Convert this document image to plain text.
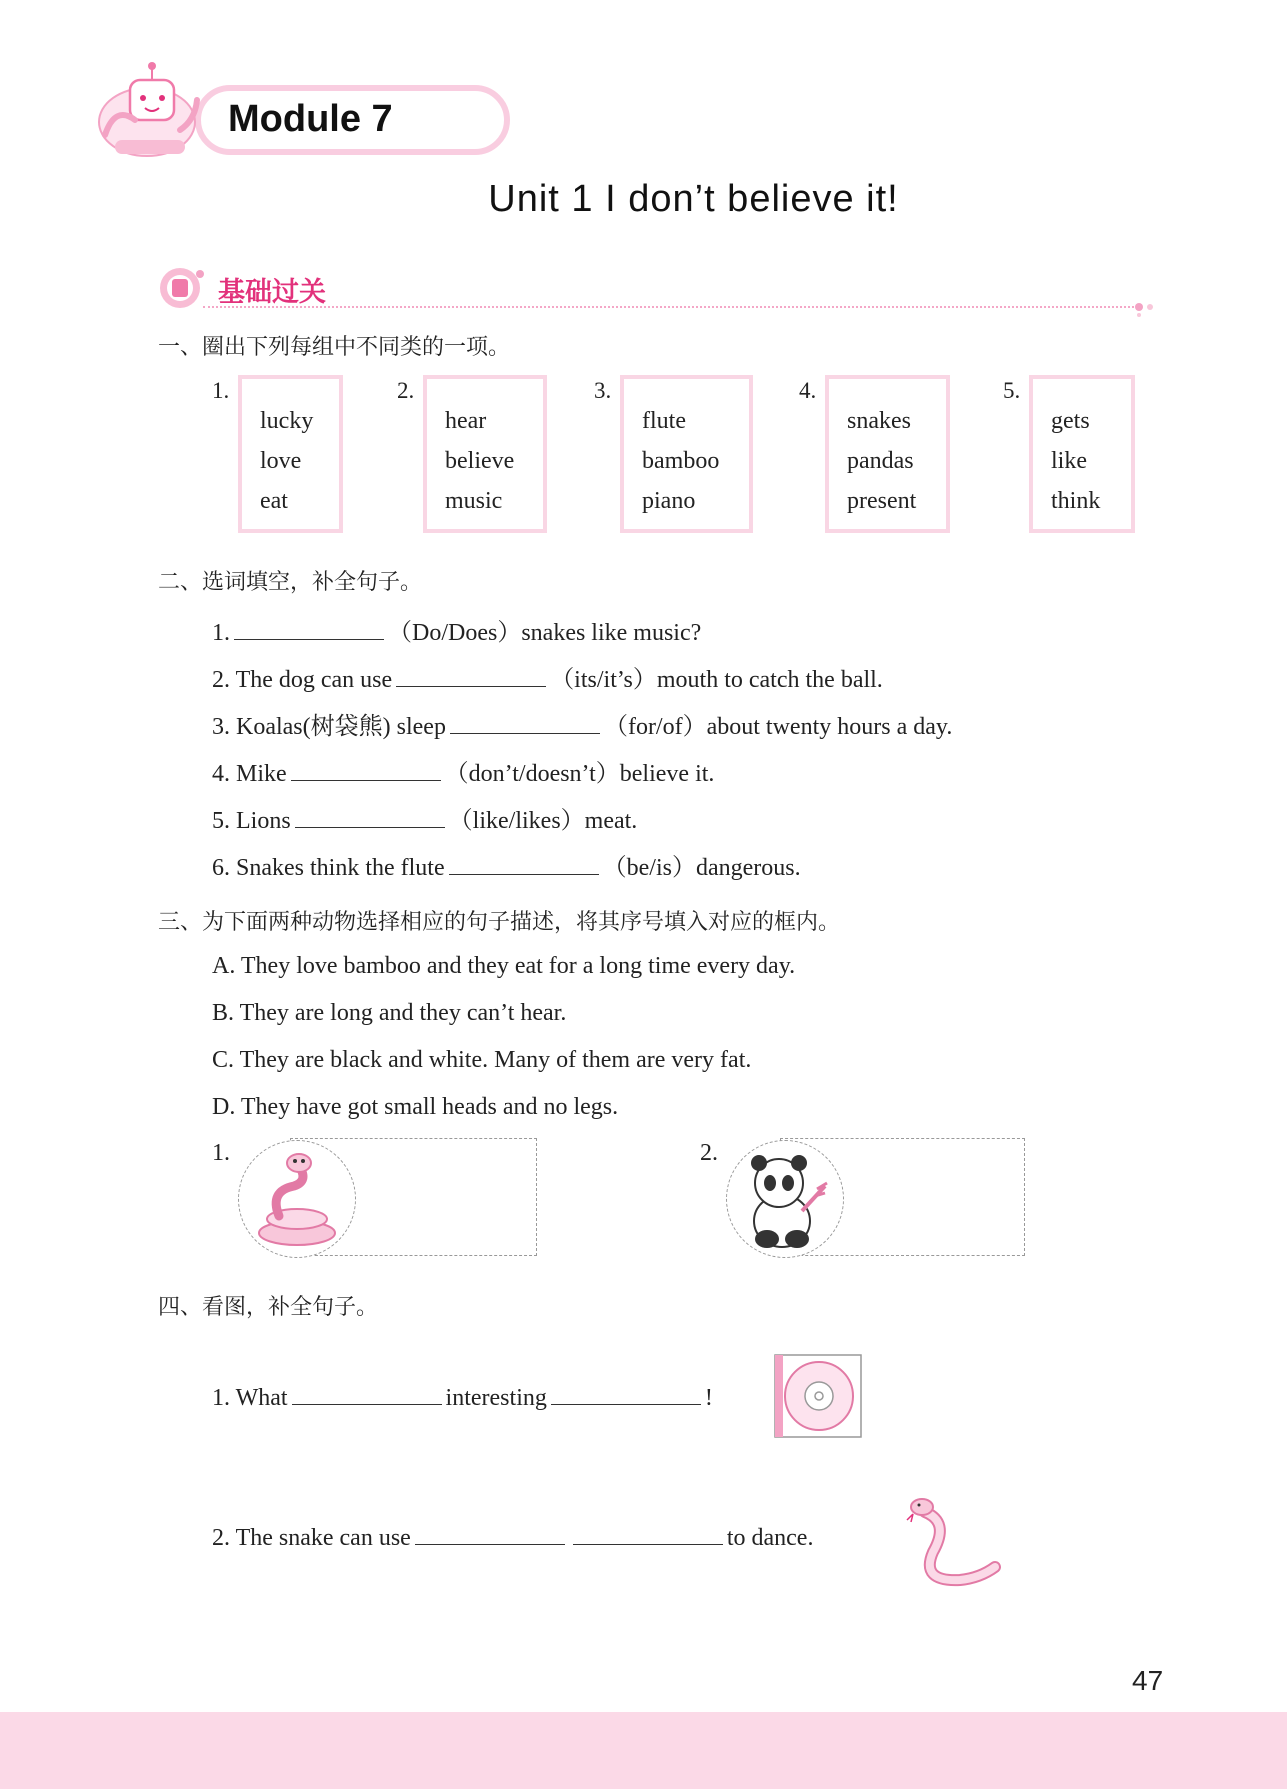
Module 7
Unit 1 I don’t believe it!
基础过关
一、圈出下列每组中不同类的一项。
1.
lucky
love
eat
2.
hear
believe
music
3.
flute
bamboo
piano
4.
snakes
pandas
present
5.
gets
like
think
二、选词填空，补全句子。
1.	（Do/Does）snakes like music?
2. The dog can use	（its/it’s）mouth to catch the ball.
3. Koalas(树袋熊) sleep	（for/of）about twenty hours a day.
4. Mike	（don’t/doesn’t）believe it.
5. Lions	（like/likes）meat.
6. Snakes think the flute	（be/is）dangerous.
三、为下面两种动物选择相应的句子描述，将其序号填入对应的框内。
A. They love bamboo and they eat for a long time every day.
B. They are long and they can’t hear.
C. They are black and white. Many of them are very fat.
D. They have got small heads and no legs.
1.	2.
四、看图，补全句子。
1. What	interesting	!
2. The snake can use	to dance.
47
